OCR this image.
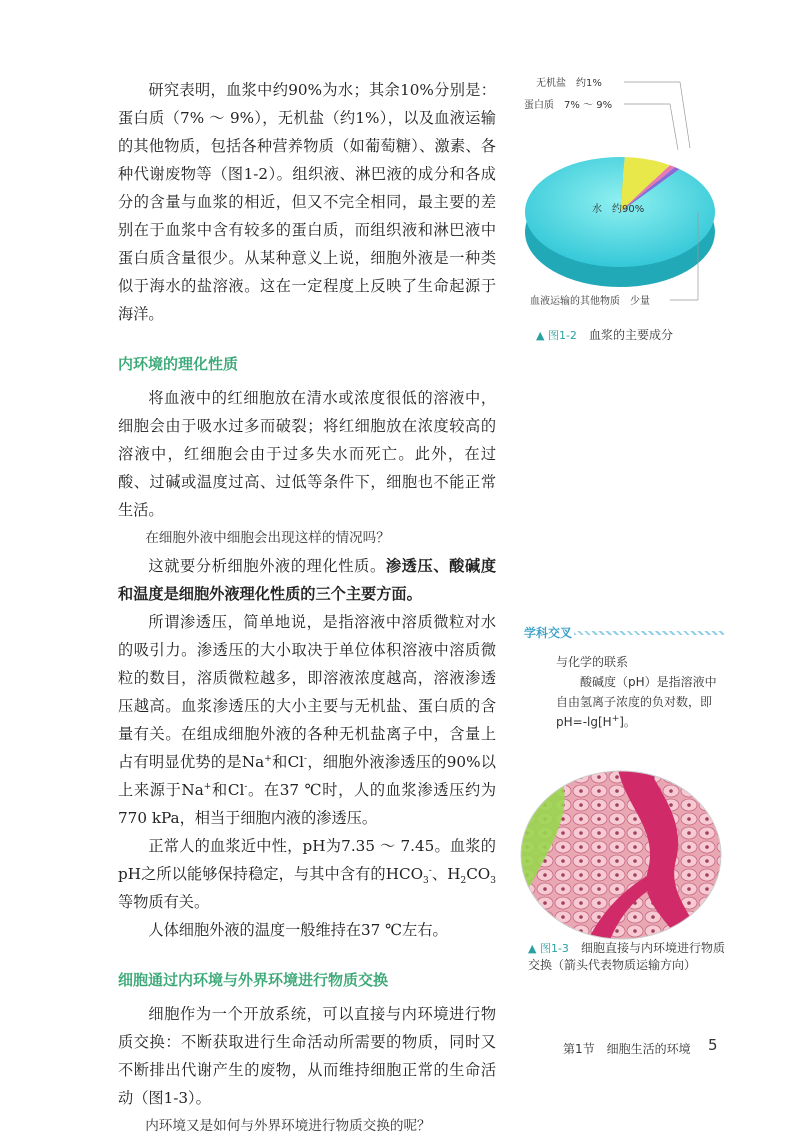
研究表明，血浆中约90%为水；其余10%分别是：蛋白质（7% ～ 9%），无机盐（约1%），以及血液运输的其他物质，包括各种营养物质（如葡萄糖）、激素、各种代谢废物等（图1-2）。组织液、淋巴液的成分和各成分的含量与血浆的相近，但又不完全相同，最主要的差别在于血浆中含有较多的蛋白质，而组织液和淋巴液中蛋白质含量很少。从某种意义上说，细胞外液是一种类似于海水的盐溶液。这在一定程度上反映了生命起源于海洋。

内环境的理化性质

将血液中的红细胞放在清水或浓度很低的溶液中，细胞会由于吸水过多而破裂；将红细胞放在浓度较高的溶液中，红细胞会由于过多失水而死亡。此外，在过酸、过碱或温度过高、过低等条件下，细胞也不能正常生活。

在细胞外液中细胞会出现这样的情况吗？

这就要分析细胞外液的理化性质。渗透压、酸碱度和温度是细胞外液理化性质的三个主要方面。

所谓渗透压，简单地说，是指溶液中溶质微粒对水的吸引力。渗透压的大小取决于单位体积溶液中溶质微粒的数目，溶质微粒越多，即溶液浓度越高，溶液渗透压越高。血浆渗透压的大小主要与无机盐、蛋白质的含量有关。在组成细胞外液的各种无机盐离子中，含量上占有明显优势的是Na+和Cl-，细胞外液渗透压的90%以上来源于Na+和Cl-。在37 ℃时，人的血浆渗透压约为770 kPa，相当于细胞内液的渗透压。

正常人的血浆近中性，pH为7.35 ～ 7.45。血浆的pH之所以能够保持稳定，与其中含有的$HCO_3^-$、$H_2CO_3$等物质有关。

人体细胞外液的温度一般维持在37 ℃左右。

细胞通过内环境与外界环境进行物质交换

细胞作为一个开放系统，可以直接与内环境进行物质交换：不断获取进行生命活动所需要的物质，同时又不断排出代谢产生的废物，从而维持细胞正常的生命活动（图1-3）。

内环境又是如何与外界环境进行物质交换的呢？

水　约90%
无机盐　约1%
蛋白质　7% ～ 9%
血液运输的其他物质　少量
▲ 图1-2　 血浆的主要成分
学科交叉
与化学的联系
酸碱度（pH）是指溶液中自由氢离子浓度的负对数，即pH=-lg[H+]。
▲ 图1-3　 细胞直接与内环境进行物质交换（箭头代表物质运输方向）
第1节　细胞生活的环境 5
